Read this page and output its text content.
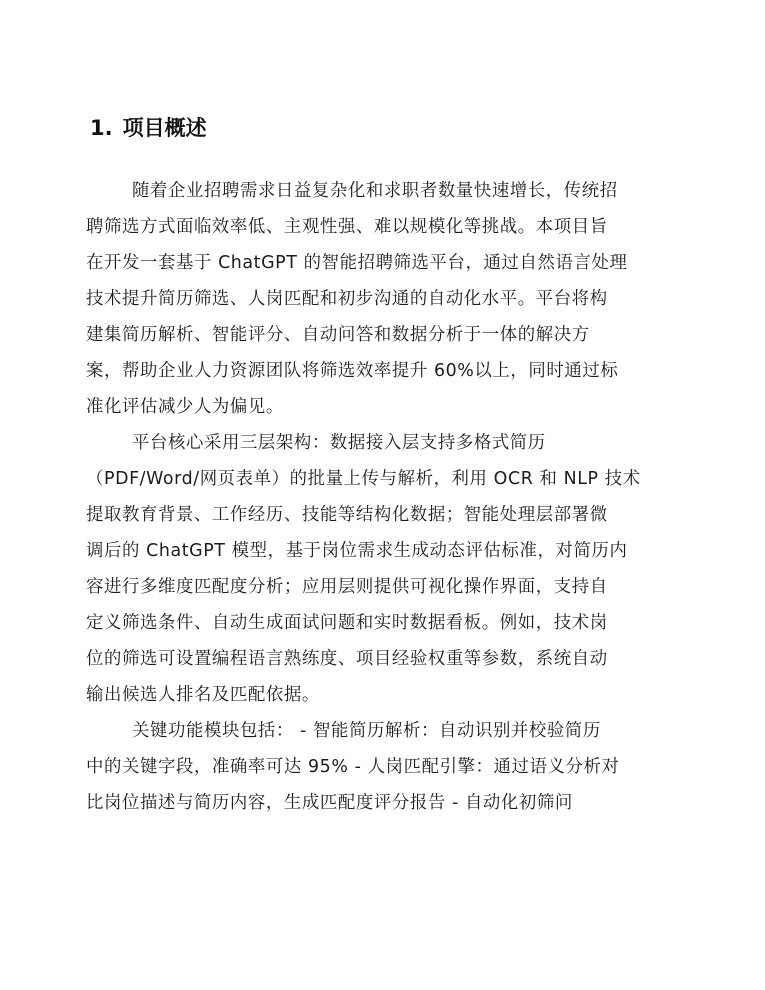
1. 项目概述
随着企业招聘需求日益复杂化和求职者数量快速增长，传统招
聘筛选方式面临效率低、主观性强、难以规模化等挑战。本项目旨
在开发一套基于 ChatGPT 的智能招聘筛选平台，通过自然语言处理
技术提升简历筛选、人岗匹配和初步沟通的自动化水平。平台将构
建集简历解析、智能评分、自动问答和数据分析于一体的解决方
案，帮助企业人力资源团队将筛选效率提升 60%以上，同时通过标
准化评估减少人为偏见。
平台核心采用三层架构：数据接入层支持多格式简历
（PDF/Word/网页表单）的批量上传与解析，利用 OCR 和 NLP 技术
提取教育背景、工作经历、技能等结构化数据；智能处理层部署微
调后的 ChatGPT 模型，基于岗位需求生成动态评估标准，对简历内
容进行多维度匹配度分析；应用层则提供可视化操作界面，支持自
定义筛选条件、自动生成面试问题和实时数据看板。例如，技术岗
位的筛选可设置编程语言熟练度、项目经验权重等参数，系统自动
输出候选人排名及匹配依据。
关键功能模块包括： - 智能简历解析：自动识别并校验简历
中的关键字段，准确率可达 95% - 人岗匹配引擎：通过语义分析对
比岗位描述与简历内容，生成匹配度评分报告 - 自动化初筛问
